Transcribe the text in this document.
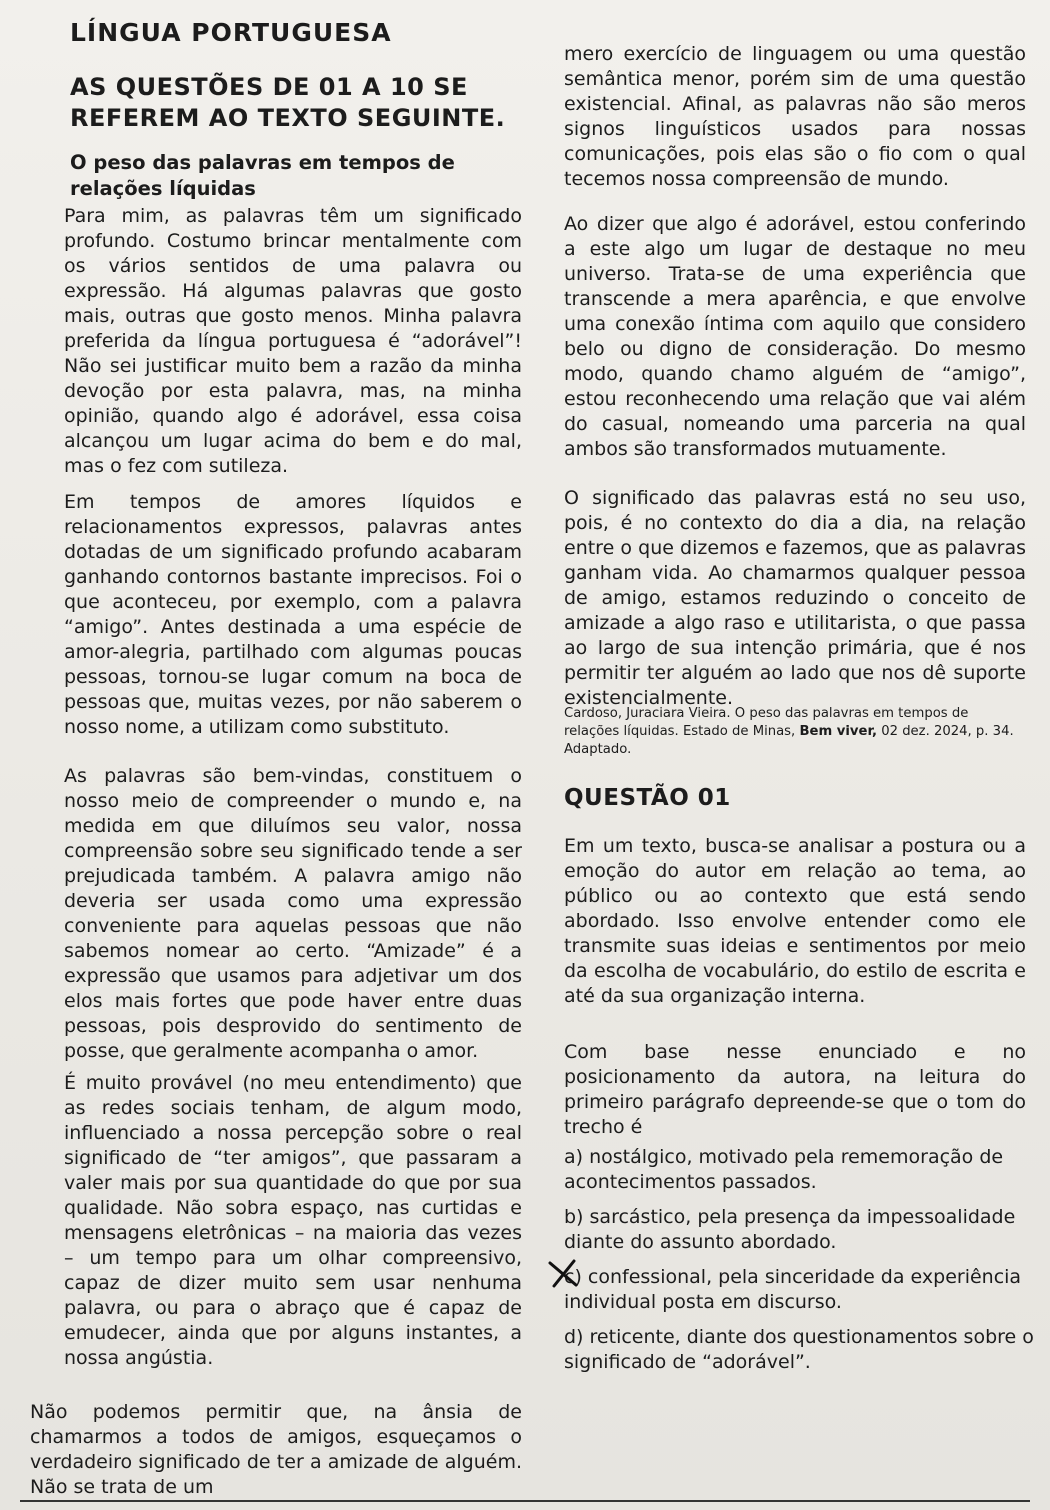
LÍNGUA PORTUGUESA
AS QUESTÕES DE 01 A 10 SE REFEREM AO TEXTO SEGUINTE.
O peso das palavras em tempos de relações líquidas

Para mim, as palavras têm um significado profundo. Costumo brincar mentalmente com os vários sentidos de uma palavra ou expressão. Há algumas palavras que gosto mais, outras que gosto menos. Minha palavra preferida da língua portuguesa é “adorável”! Não sei justificar muito bem a razão da minha devoção por esta palavra, mas, na minha opinião, quando algo é adorável, essa coisa alcançou um lugar acima do bem e do mal, mas o fez com sutileza.

Em tempos de amores líquidos e relacionamentos expressos, palavras antes dotadas de um significado profundo acabaram ganhando contornos bastante imprecisos. Foi o que aconteceu, por exemplo, com a palavra “amigo”. Antes destinada a uma espécie de amor-alegria, partilhado com algumas poucas pessoas, tornou-se lugar comum na boca de pessoas que, muitas vezes, por não saberem o nosso nome, a utilizam como substituto.

As palavras são bem-vindas, constituem o nosso meio de compreender o mundo e, na medida em que diluímos seu valor, nossa compreensão sobre seu significado tende a ser prejudicada também. A palavra amigo não deveria ser usada como uma expressão conveniente para aquelas pessoas que não sabemos nomear ao certo. “Amizade” é a expressão que usamos para adjetivar um dos elos mais fortes que pode haver entre duas pessoas, pois desprovido do sentimento de posse, que geralmente acompanha o amor.

É muito provável (no meu entendimento) que as redes sociais tenham, de algum modo, influenciado a nossa percepção sobre o real significado de “ter amigos”, que passaram a valer mais por sua quantidade do que por sua qualidade. Não sobra espaço, nas curtidas e mensagens eletrônicas – na maioria das vezes – um tempo para um olhar compreensivo, capaz de dizer muito sem usar nenhuma palavra, ou para o abraço que é capaz de emudecer, ainda que por alguns instantes, a nossa angústia.

Não podemos permitir que, na ânsia de chamarmos a todos de amigos, esqueçamos o verdadeiro significado de ter a amizade de alguém. Não se trata de um

mero exercício de linguagem ou uma questão semântica menor, porém sim de uma questão existencial. Afinal, as palavras não são meros signos linguísticos usados para nossas comunicações, pois elas são o fio com o qual tecemos nossa compreensão de mundo.

Ao dizer que algo é adorável, estou conferindo a este algo um lugar de destaque no meu universo. Trata-se de uma experiência que transcende a mera aparência, e que envolve uma conexão íntima com aquilo que considero belo ou digno de consideração. Do mesmo modo, quando chamo alguém de “amigo”, estou reconhecendo uma relação que vai além do casual, nomeando uma parceria na qual ambos são transformados mutuamente.

O significado das palavras está no seu uso, pois, é no contexto do dia a dia, na relação entre o que dizemos e fazemos, que as palavras ganham vida. Ao chamarmos qualquer pessoa de amigo, estamos reduzindo o conceito de amizade a algo raso e utilitarista, o que passa ao largo de sua intenção primária, que é nos permitir ter alguém ao lado que nos dê suporte existencialmente.

Cardoso, Juraciara Vieira. O peso das palavras em tempos de relações líquidas. Estado de Minas, Bem viver, 02 dez. 2024, p. 34. Adaptado.
QUESTÃO 01

Em um texto, busca-se analisar a postura ou a emoção do autor em relação ao tema, ao público ou ao contexto que está sendo abordado. Isso envolve entender como ele transmite suas ideias e sentimentos por meio da escolha de vocabulário, do estilo de escrita e até da sua organização interna.

Com base nesse enunciado e no posicionamento da autora, na leitura do primeiro parágrafo depreende-se que o tom do trecho é

a) nostálgico, motivado pela rememoração de acontecimentos passados.
b) sarcástico, pela presença da impessoalidade diante do assunto abordado.
c) confessional, pela sinceridade da experiência individual posta em discurso.
d) reticente, diante dos questionamentos sobre o significado de “adorável”.
